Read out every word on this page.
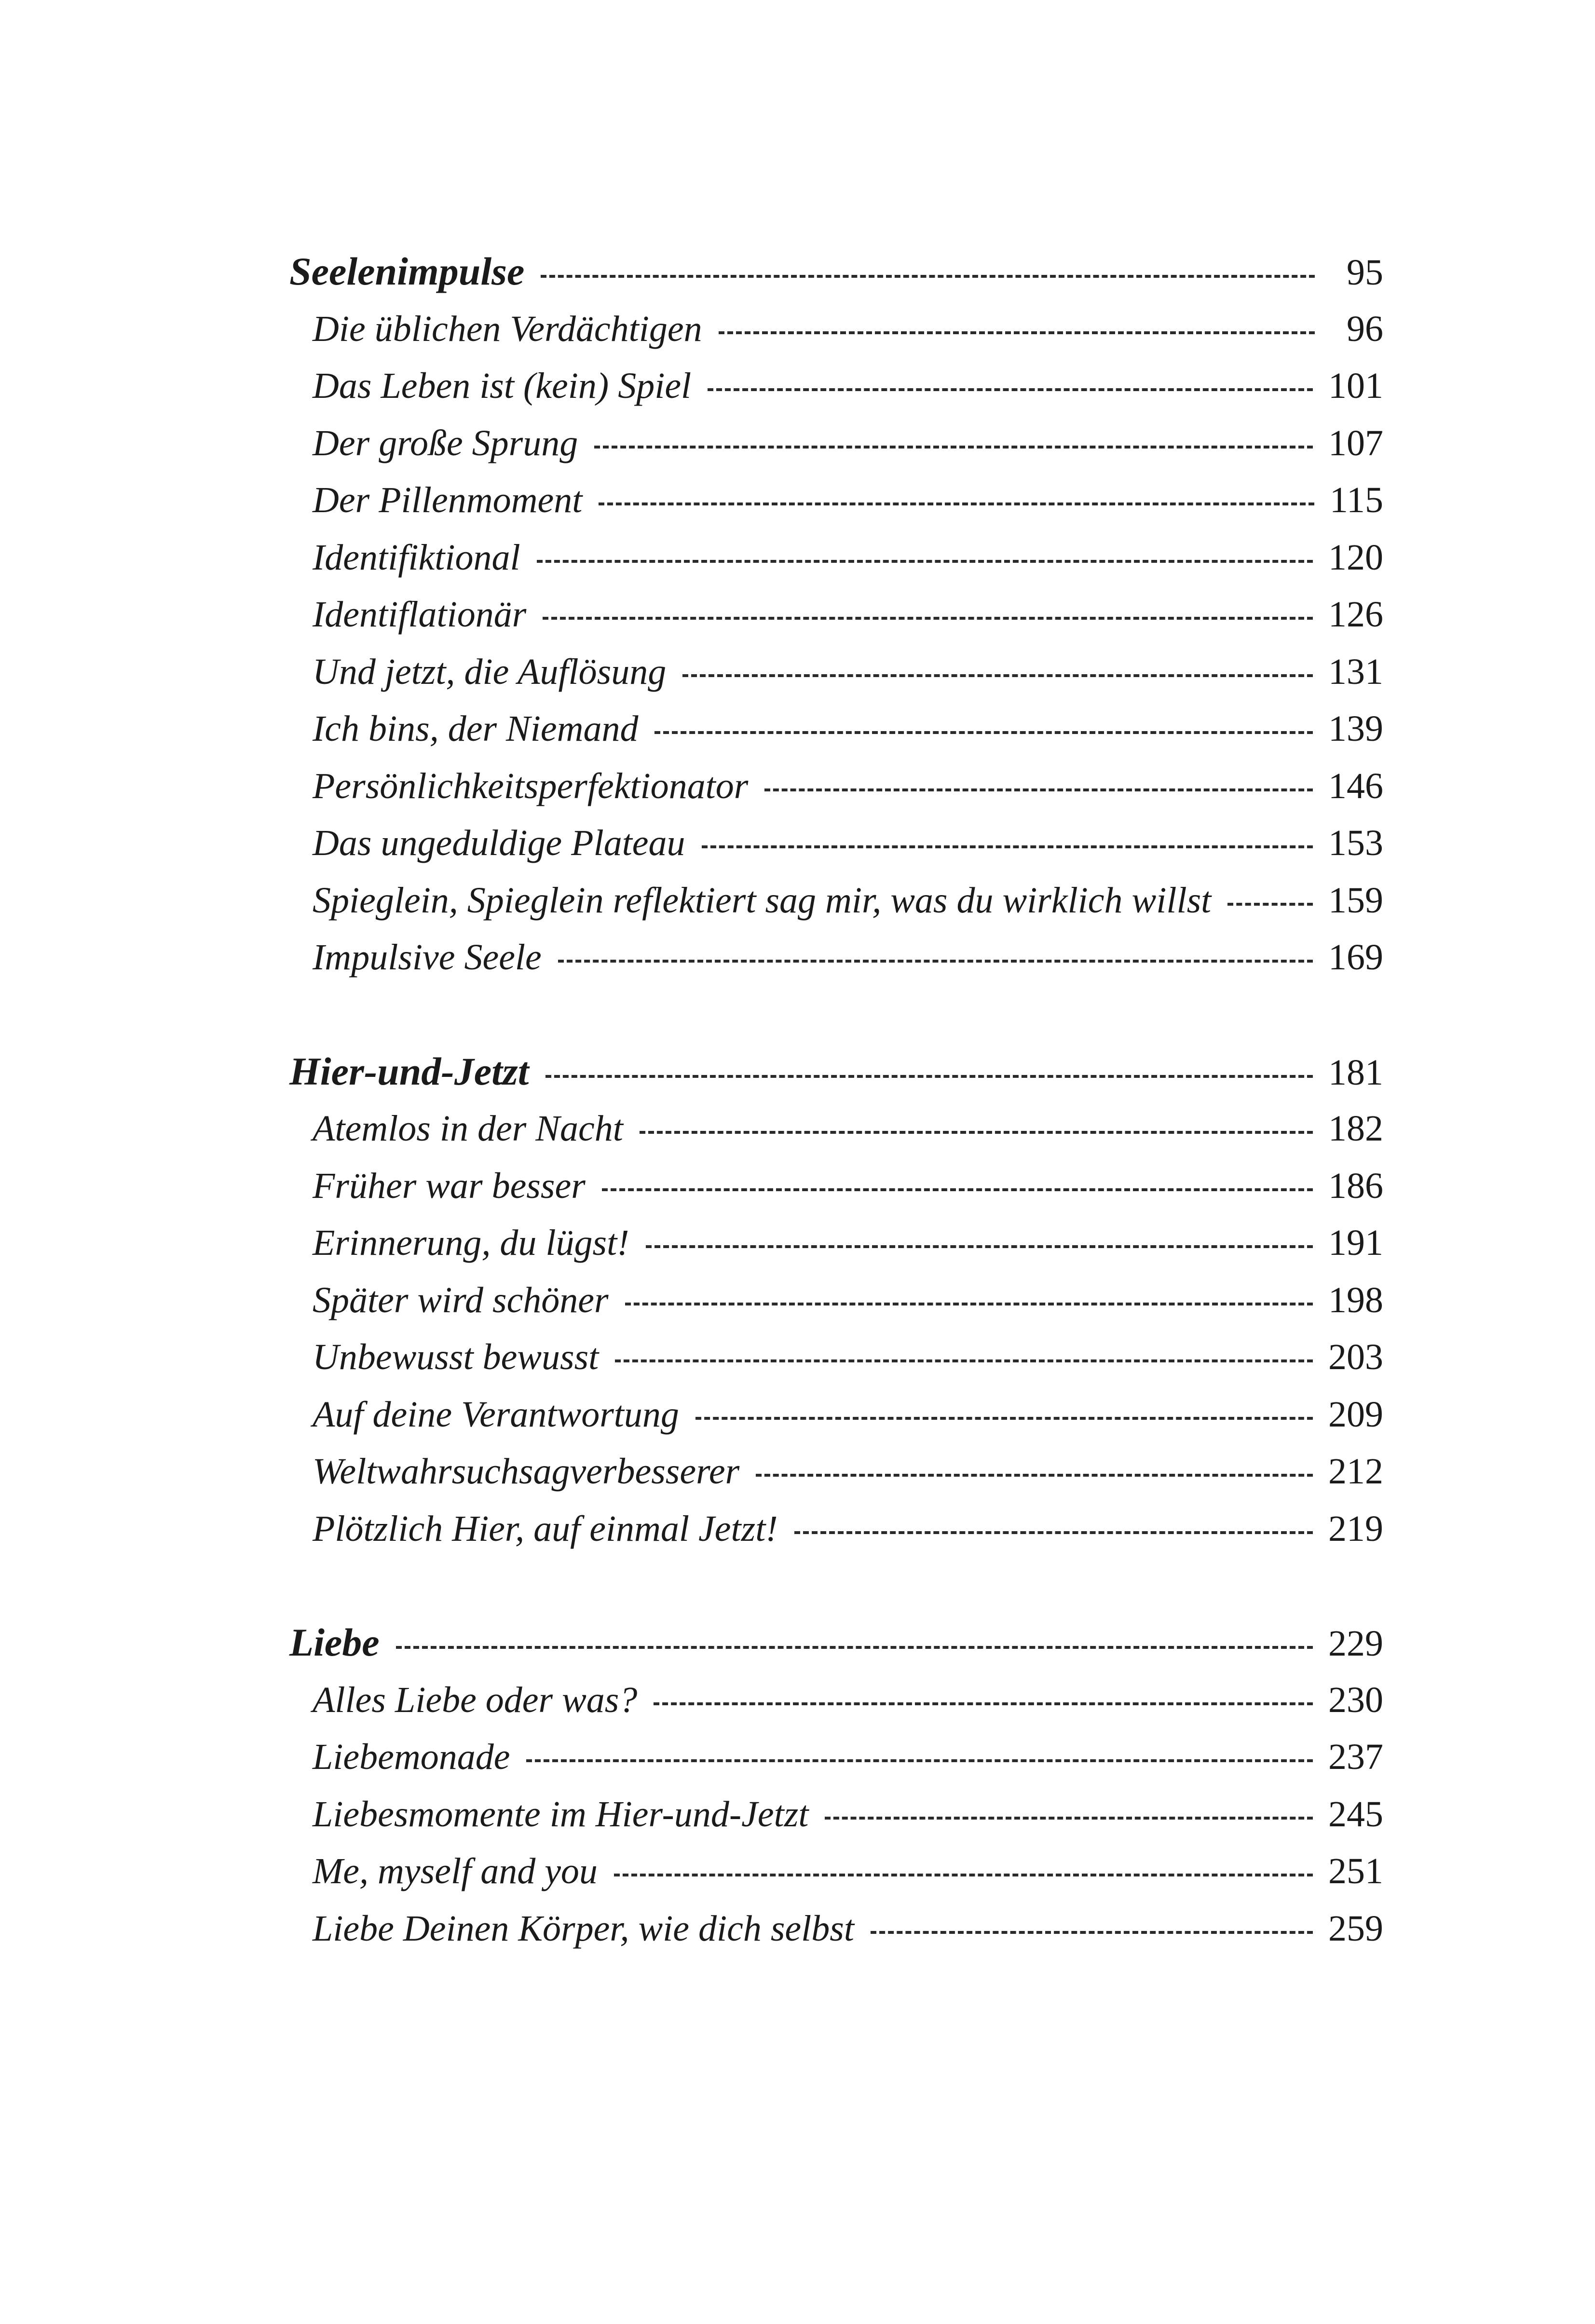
Seelenimpulse	95
Die üblichen Verdächtigen	96
Das Leben ist (kein) Spiel	101
Der große Sprung	107
Der Pillenmoment	115
Identifiktional	120
Identiflationär	126
Und jetzt, die Auflösung	131
Ich bins, der Niemand	139
Persönlichkeitsperfektionator	146
Das ungeduldige Plateau	153
Spieglein, Spieglein reflektiert sag mir, was du wirklich willst	159
Impulsive Seele	169
Hier-und-Jetzt	181
Atemlos in der Nacht	182
Früher war besser	186
Erinnerung, du lügst!	191
Später wird schöner	198
Unbewusst bewusst	203
Auf deine Verantwortung	209
Weltwahrsuchsagverbesserer	212
Plötzlich Hier, auf einmal Jetzt!	219
Liebe	229
Alles Liebe oder was?	230
Liebemonade	237
Liebesmomente im Hier-und-Jetzt	245
Me, myself and you	251
Liebe Deinen Körper, wie dich selbst	259
